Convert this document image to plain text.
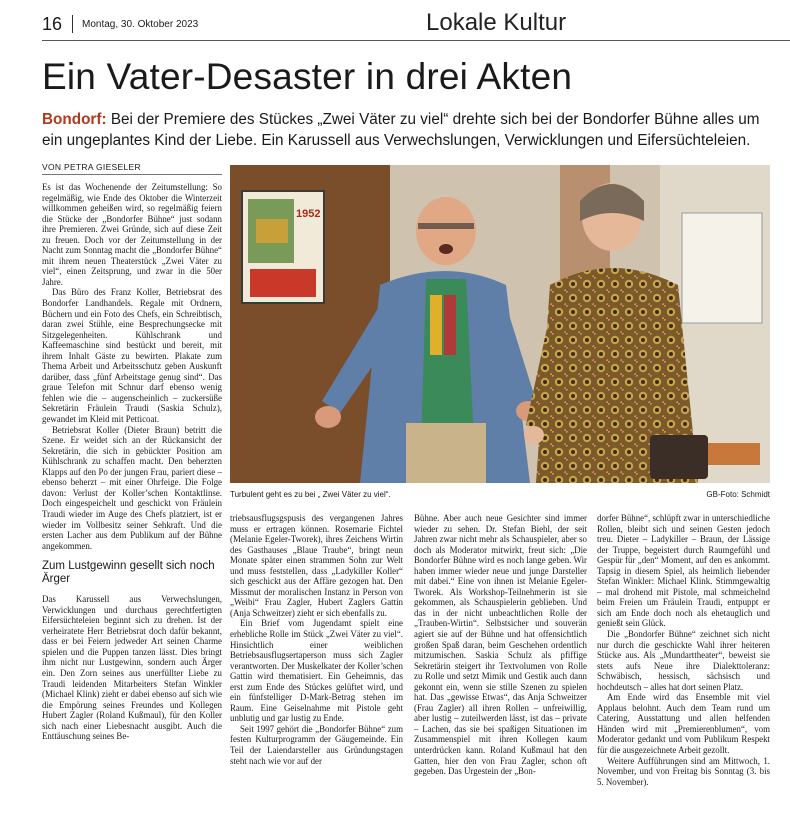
16 Montag, 30. Oktober 2023	Lokale Kultur
Ein Vater-Desaster in drei Akten
Bondorf: Bei der Premiere des Stückes „Zwei Väter zu viel“ drehte sich bei der Bondorfer Bühne alles um ein ungeplantes Kind der Liebe. Ein Karussell aus Verwechslungen, Verwicklungen und Eifersüchteleien.
VON PETRA GIESELER

Es ist das Wochenende der Zeitumstellung: So regelmäßig, wie Ende des Oktober die Winterzeit willkommen geheißen wird, so regelmäßig feiern die Stücke der „Bondorfer Bühne“ just sodann ihre Premieren. Zwei Gründe, sich auf diese Zeit zu freuen. Doch vor der Zeitumstellung in der Nacht zum Sonntag macht die „Bondorfer Bühne“ mit ihrem neuen Theaterstück „Zwei Väter zu viel“, einen Zeitsprung, und zwar in die 50er Jahre.

Das Büro des Franz Koller, Betriebsrat des Bondorfer Landhandels. Regale mit Ordnern, Büchern und ein Foto des Chefs, ein Schreibtisch, daran zwei Stühle, eine Besprechungsecke mit Sitzgelegenheiten. Kühlschrank und Kaffeemaschine sind bestückt und bereit, mit ihrem Inhalt Gäste zu bewirten. Plakate zum Thema Arbeit und Arbeitsschutz geben Auskunft darüber, dass „fünf Arbeitstage genug sind“. Das graue Telefon mit Schnur darf ebenso wenig fehlen wie die – augenscheinlich – zuckersüße Sekretärin Fräulein Traudi (Saskia Schulz), gewandet im Kleid mit Petticoat.

Betriebsrat Koller (Dieter Braun) betritt die Szene. Er weidet sich an der Rückansicht der Sekretärin, die sich in gebückter Position am Kühlschrank zu schaffen macht. Den beherzten Klapps auf den Po der jungen Frau, pariert diese – ebenso beherzt – mit einer Ohrfeige. Die Folge davon: Verlust der Koller’schen Kontaktlinse. Doch eingespeichelt und geschickt von Fräulein Traudi wieder im Auge des Chefs platziert, ist er wieder im Vollbesitz seiner Sehkraft. Und die ersten Lacher aus dem Publikum auf der Bühne angekommen.

Zum Lustgewinn gesellt sich noch Ärger

Das Karussell aus Verwechslungen, Verwicklungen und durchaus gerechtfertigten Eifersüchteleien beginnt sich zu drehen. Ist der verheiratete Herr Betriebsrat doch dafür bekannt, dass er bei Feiern jedweder Art seinen Charme spielen und die Puppen tanzen lässt. Dies bringt ihm nicht nur Lustgewinn, sondern auch Ärger ein. Den Zorn seines aus unerfüllter Liebe zu Traudi leidenden Mitarbeiters Stefan Winkler (Michael Klink) zieht er dabei ebenso auf sich wie die Empörung seines Freundes und Kollegen Hubert Zagler (Roland Kußmaul), für den Koller sich nach einer Liebesnacht ausgibt. Auch die Enttäuschung seines Be-

1952
Turbulent geht es zu bei „ Zwei Väter zu viel“.	GB-Foto: Schmidt

triebsausflugsgspusis des vergangenen Jahres muss er ertragen können. Rosemarie Fichtel (Melanie Egeler-Tworek), ihres Zeichens Wirtin des Gasthauses „Blaue Traube“, bringt neun Monate später einen strammen Sohn zur Welt und muss feststellen, dass „Ladykiller Koller“ sich geschickt aus der Affäre gezogen hat. Den Missmut der moralischen Instanz in Person von „Weibi“ Frau Zagler, Hubert Zaglers Gattin (Anja Schweitzer) zieht er sich ebenfalls zu.

Ein Brief vom Jugendamt spielt eine erhebliche Rolle im Stück „Zwei Väter zu viel“. Hinsichtlich einer weiblichen Betriebsausflugsertaperson muss sich Zagler verantworten. Der Muskelkater der Koller’schen Gattin wird thematisiert. Ein Geheimnis, das erst zum Ende des Stückes gelüftet wird, und ein fünfstelliger D-Mark-Betrag stehen im Raum. Eine Geiselnahme mit Pistole geht unblutig und gar lustig zu Ende.

Seit 1997 gehört die „Bondorfer Bühne“ zum festen Kulturprogramm der Gäugemeinde. Ein Teil der Laiendarsteller aus Gründungstagen steht nach wie vor auf der

Bühne. Aber auch neue Gesichter sind immer wieder zu sehen. Dr. Stefan Biehl, der seit Jahren zwar nicht mehr als Schauspieler, aber so doch als Moderator mitwirkt, freut sich: „Die Bondorfer Bühne wird es noch lange geben. Wir haben immer wieder neue und junge Darsteller mit dabei.“ Eine von ihnen ist Melanie Egeler-Tworek. Als Workshop-Teilnehmerin ist sie gekommen, als Schauspielerin geblieben. Und das in der nicht unbeachtlichen Rolle der „Trauben-Wirtin“. Selbstsicher und souverän agiert sie auf der Bühne und hat offensichtlich großen Spaß daran, beim Geschehen ordentlich mitzumischen. Saskia Schulz als pfiffige Sekretärin steigert ihr Textvolumen von Rolle zu Rolle und setzt Mimik und Gestik auch dann gekonnt ein, wenn sie stille Szenen zu spielen hat. Das „gewisse Etwas“, das Anja Schweitzer (Frau Zagler) all ihren Rollen – unfreiwillig, aber lustig – zuteilwerden lässt, ist das – private – Lachen, das sie bei spaßigen Situationen im Zusammenspiel mit ihren Kollegen kaum unterdrücken kann. Roland Kußmaul hat den Gatten, hier den von Frau Zagler, schon oft gegeben. Das Urgestein der „Bon-

dorfer Bühne“, schlüpft zwar in unterschiedliche Rollen, bleibt sich und seinen Gesten jedoch treu. Dieter – Ladykiller – Braun, der Lässige der Truppe, begeistert durch Raumgefühl und Gespür für „den“ Moment, auf den es ankommt. Tapsig in diesem Spiel, als heimlich liebender Stefan Winkler: Michael Klink. Stimmgewaltig – mal drohend mit Pistole, mal schmeichelnd beim Freien um Fräulein Traudi, entpuppt er sich am Ende doch noch als ehetauglich und genießt sein Glück.

Die „Bondorfer Bühne“ zeichnet sich nicht nur durch die geschickte Wahl ihrer heiteren Stücke aus. Als „Mundarttheater“, beweist sie stets aufs Neue ihre Dialekttoleranz: Schwäbisch, hessisch, sächsisch und hochdeutsch – alles hat dort seinen Platz.

Am Ende wird das Ensemble mit viel Applaus belohnt. Auch dem Team rund um Catering, Ausstattung und allen helfenden Händen wird mit „Premierenblumen“, vom Moderator gedankt und vom Publikum Respekt für die ausgezeichnete Arbeit gezollt.

Weitere Aufführungen sind am Mittwoch, 1. November, und von Freitag bis Sonntag (3. bis 5. November).
